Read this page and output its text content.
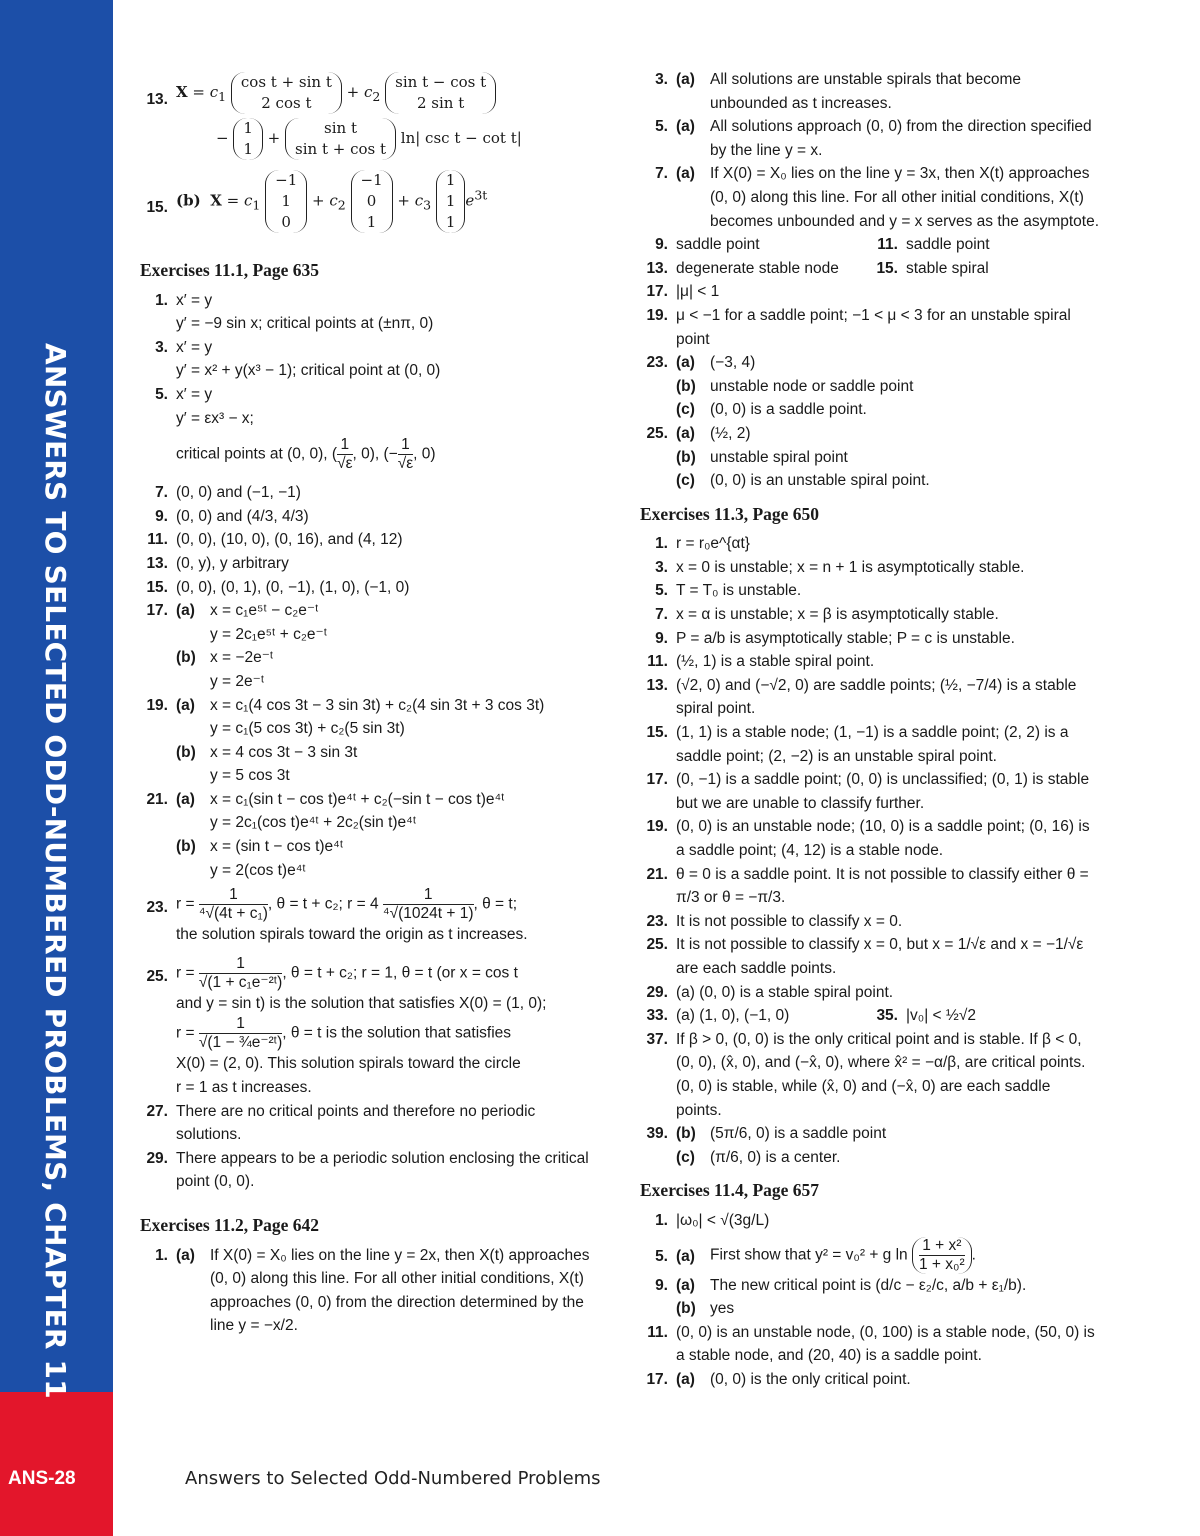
ANSWERS TO SELECTED ODD-NUMBERED PROBLEMS, CHAPTER 11
ANS-28	Answers to Selected Odd-Numbered Problems
13. $X = c_1$
cos t + sin t
2 cos t
+ $c_2$
sin t − cos t
2 sin t
−
1
1
+
sin t
sin t + cos t
ln| csc t − cot t|
15. (b) $X = c_1$
−1
1
0
+ $c_2$
−1
0
1
+ $c_3$
1
1
1
$e^{3t}$

Exercises 11.1, Page 635

1. x′ = y
y′ = −9 sin x; critical points at (±nπ, 0)
3. x′ = y
y′ = x² + y(x³ − 1); critical point at (0, 0)
5. x′ = y
y′ = εx³ − x;
critical points at (0, 0), ( $\frac{1}{√\varepsilon}$ , 0), (− $\frac{1}{√\varepsilon}$ , 0)
7. (0, 0) and (−1, −1)
9. (0, 0) and (4/3, 4/3)
11. (0, 0), (10, 0), (0, 16), and (4, 12)
13. (0, y), y arbitrary
15. (0, 0), (0, 1), (0, −1), (1, 0), (−1, 0)
17. (a) x = c₁e⁵ᵗ − c₂e⁻ᵗ
y = 2c₁e⁵ᵗ + c₂e⁻ᵗ
(b) x = −2e⁻ᵗ
y = 2e⁻ᵗ
19. (a) x = c₁(4 cos 3t − 3 sin 3t) + c₂(4 sin 3t + 3 cos 3t)
y = c₁(5 cos 3t) + c₂(5 sin 3t)
(b) x = 4 cos 3t − 3 sin 3t
y = 5 cos 3t
21. (a) x = c₁(sin t − cos t)e⁴ᵗ + c₂(−sin t − cos t)e⁴ᵗ
y = 2c₁(cos t)e⁴ᵗ + 2c₂(sin t)e⁴ᵗ
(b) x = (sin t − cos t)e⁴ᵗ
y = 2(cos t)e⁴ᵗ
23. $r = \frac{1}{\text{⁴√(4t + c₁)}}$ , θ = t + c₂; $r = 4 \frac{1}{\text{⁴√(1024t + 1)}}$ , θ = t;
the solution spirals toward the origin as t increases.
25. $r = \frac{1}{\text{√(1 + c₁e⁻²ᵗ)}}$ , θ = t + c₂; r = 1, θ = t (or x = cos t
and y = sin t) is the solution that satisfies X(0) = (1, 0);
$r = \frac{1}{\text{√(1 − ¾e⁻²ᵗ)}}$ , θ = t is the solution that satisfies
X(0) = (2, 0). This solution spirals toward the circle
r = 1 as t increases.
27. There are no critical points and therefore no periodic solutions.
29. There appears to be a periodic solution enclosing the critical point (0, 0).

Exercises 11.2, Page 642

1. (a) If X(0) = X₀ lies on the line y = 2x, then X(t) approaches (0, 0) along this line. For all other initial conditions, X(t) approaches (0, 0) from the direction determined by the line y = −x/2.
3. (a) All solutions are unstable spirals that become unbounded as t increases.
5. (a) All solutions approach (0, 0) from the direction specified by the line y = x.
7. (a) If X(0) = X₀ lies on the line y = 3x, then X(t) approaches (0, 0) along this line. For all other initial conditions, X(t) becomes unbounded and y = x serves as the asymptote.
9. saddle point	11. saddle point
13. degenerate stable node	15. stable spiral
17. |μ| < 1
19. μ < −1 for a saddle point; −1 < μ < 3 for an unstable spiral point
23. (a) (−3, 4)
(b) unstable node or saddle point
(c) (0, 0) is a saddle point.
25. (a) (½, 2)
(b) unstable spiral point
(c) (0, 0) is an unstable spiral point.

Exercises 11.3, Page 650

1. r = r₀e^{αt}
3. x = 0 is unstable; x = n + 1 is asymptotically stable.
5. T = T₀ is unstable.
7. x = α is unstable; x = β is asymptotically stable.
9. P = a/b is asymptotically stable; P = c is unstable.
11. (½, 1) is a stable spiral point.
13. (√2, 0) and (−√2, 0) are saddle points; (½, −7/4) is a stable spiral point.
15. (1, 1) is a stable node; (1, −1) is a saddle point; (2, 2) is a saddle point; (2, −2) is an unstable spiral point.
17. (0, −1) is a saddle point; (0, 0) is unclassified; (0, 1) is stable but we are unable to classify further.
19. (0, 0) is an unstable node; (10, 0) is a saddle point; (0, 16) is a saddle point; (4, 12) is a stable node.
21. θ = 0 is a saddle point. It is not possible to classify either θ = π/3 or θ = −π/3.
23. It is not possible to classify x = 0.
25. It is not possible to classify x = 0, but x = 1/√ε and x = −1/√ε are each saddle points.
29. (a) (0, 0) is a stable spiral point.
33. (a) (1, 0), (−1, 0)	35. |v₀| < ½√2
37. If β > 0, (0, 0) is the only critical point and is stable. If β < 0, (0, 0), (x̂, 0), and (−x̂, 0), where x̂² = −α/β, are critical points. (0, 0) is stable, while (x̂, 0) and (−x̂, 0) are each saddle points.
39. (b) (5π/6, 0) is a saddle point
(c) (π/6, 0) is a center.

Exercises 11.4, Page 657

1. |ω₀| < √(3g/L)
5. (a) First show that y² = v₀² + g ln
1 + x²
1 + x₀²
.
9. (a) The new critical point is (d/c − ε₂/c, a/b + ε₁/b).
(b) yes
11. (0, 0) is an unstable node, (0, 100) is a stable node, (50, 0) is a stable node, and (20, 40) is a saddle point.
17. (a) (0, 0) is the only critical point.
